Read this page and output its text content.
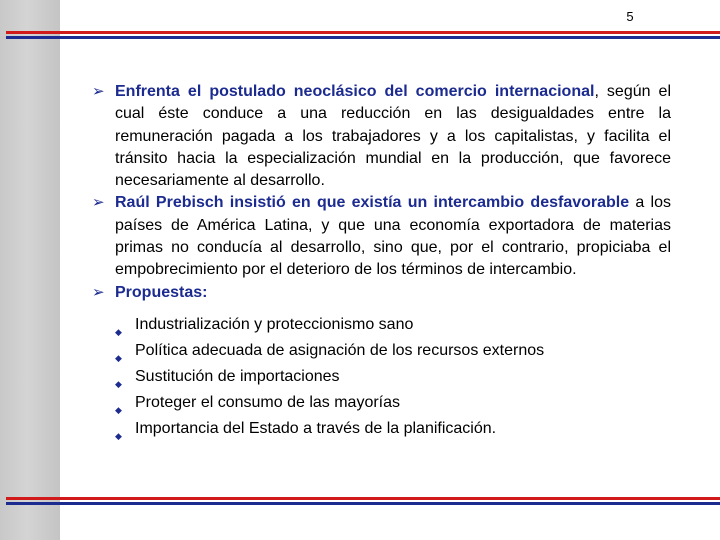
5
➢ Enfrenta el postulado neoclásico del comercio internacional, según el cual éste conduce a una reducción en las desigualdades entre la remuneración pagada a los trabajadores y a los capitalistas, y facilita el tránsito hacia la especialización mundial en la producción, que favorece necesariamente al desarrollo.
➢ Raúl Prebisch insistió en que existía un intercambio desfavorable a los países de América Latina, y que una economía exportadora de materias primas no conducía al desarrollo, sino que, por el contrario, propiciaba el empobrecimiento por el deterioro de los términos de intercambio.
➢ Propuestas:
◆ Industrialización y proteccionismo sano
◆ Política adecuada de asignación de los recursos externos
◆ Sustitución de importaciones
◆ Proteger el consumo de las mayorías
◆ Importancia del Estado a través de la planificación.
